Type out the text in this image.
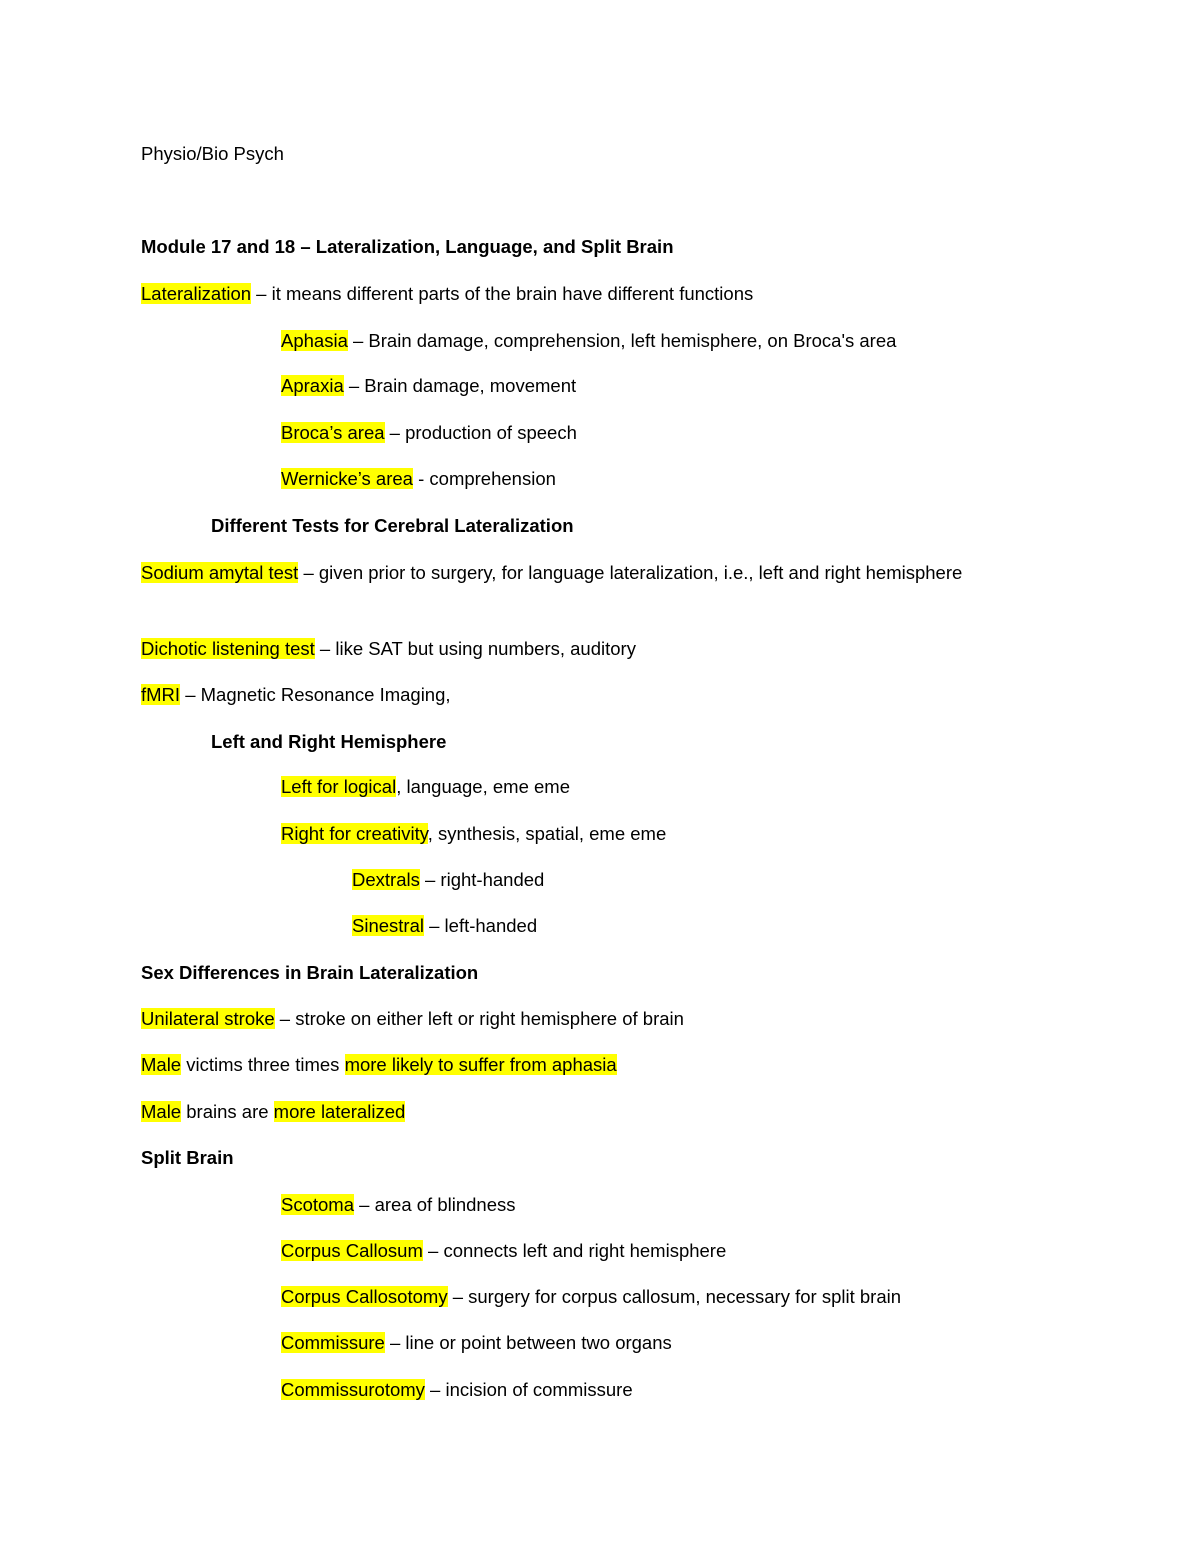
Physio/Bio Psych
Module 17 and 18 – Lateralization, Language, and Split Brain
Lateralization – it means different parts of the brain have different functions
Aphasia – Brain damage, comprehension, left hemisphere, on Broca's area
Apraxia – Brain damage, movement
Broca’s area – production of speech
Wernicke’s area - comprehension
Different Tests for Cerebral Lateralization
Sodium amytal test – given prior to surgery, for language lateralization, i.e., left and right hemisphere
Dichotic listening test – like SAT but using numbers, auditory
fMRI – Magnetic Resonance Imaging,
Left and Right Hemisphere
Left for logical, language, eme eme
Right for creativity, synthesis, spatial, eme eme
Dextrals – right-handed
Sinestral – left-handed
Sex Differences in Brain Lateralization
Unilateral stroke – stroke on either left or right hemisphere of brain
Male victims three times more likely to suffer from aphasia
Male brains are more lateralized
Split Brain
Scotoma – area of blindness
Corpus Callosum – connects left and right hemisphere
Corpus Callosotomy – surgery for corpus callosum, necessary for split brain
Commissure – line or point between two organs
Commissurotomy – incision of commissure
